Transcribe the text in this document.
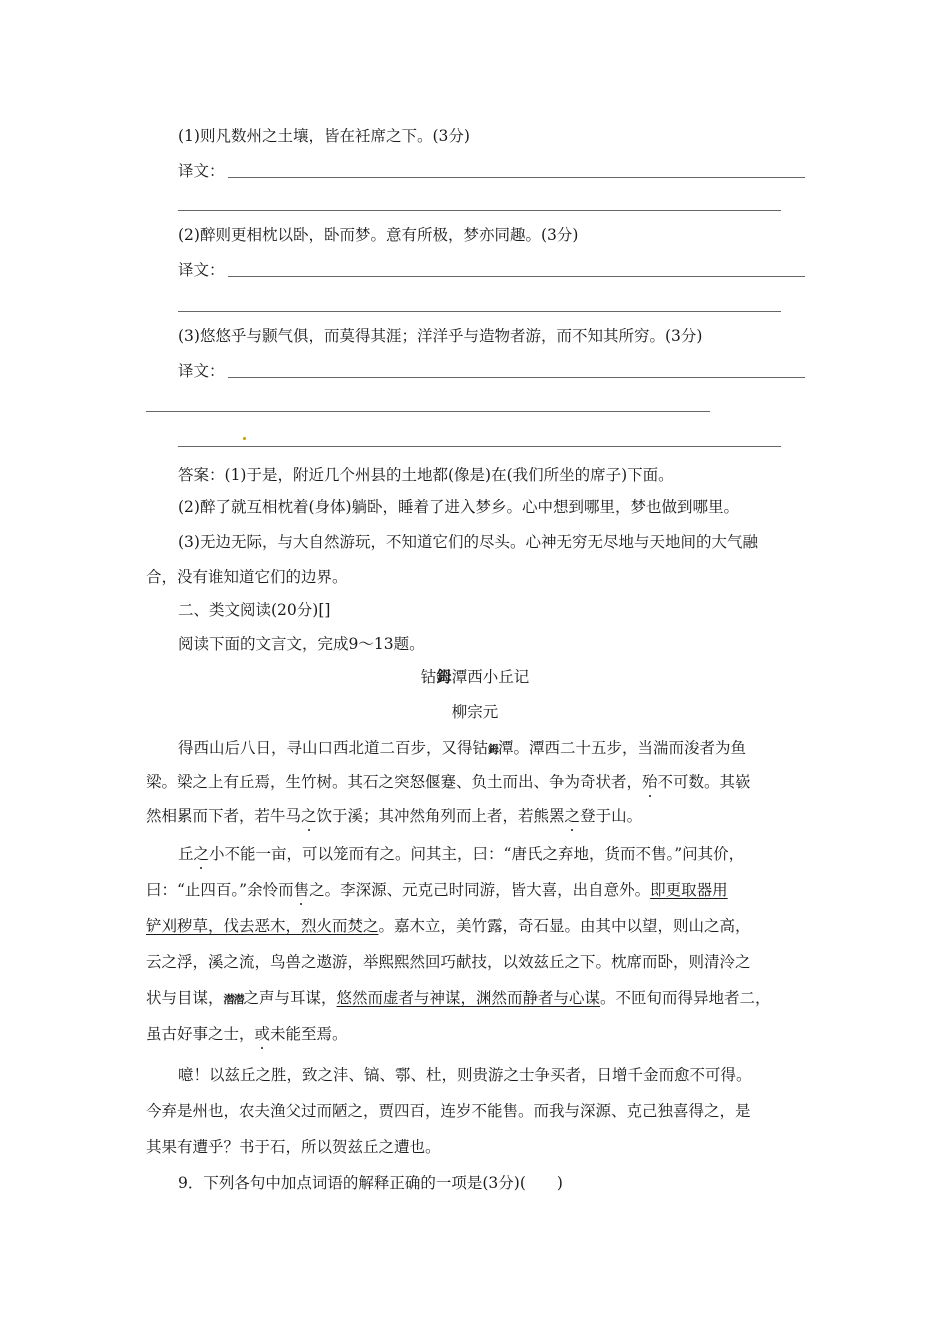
(1)则凡数州之土壤，皆在衽席之下。(3分)
译文：
(2)醉则更相枕以卧，卧而梦。意有所极，梦亦同趣。(3分)
译文：
(3)悠悠乎与颢气俱，而莫得其涯；洋洋乎与造物者游，而不知其所穷。(3分)
译文：
答案：(1)于是，附近几个州县的土地都(像是)在(我们所坐的席子)下面。
(2)醉了就互相枕着(身体)躺卧，睡着了进入梦乡。心中想到哪里，梦也做到哪里。
(3)无边无际，与大自然游玩，不知道它们的尽头。心神无穷无尽地与天地间的大气融
合，没有谁知道它们的边界。
二、类文阅读(20分)[]
阅读下面的文言文，完成9～13题。
钴鉧潭西小丘记
柳宗元
得西山后八日，寻山口西北道二百步，又得钴鉧潭。潭西二十五步，当湍而浚者为鱼
梁。梁之上有丘焉，生竹树。其石之突怒偃蹇、负土而出、争为奇状者，殆不可数。其嵚
然相累而下者，若牛马之饮于溪；其冲然角列而上者，若熊罴之登于山。
丘之小不能一亩，可以笼而有之。问其主，曰：“唐氏之弃地，货而不售。”问其价，
曰：“止四百。”余怜而售之。李深源、元克己时同游，皆大喜，出自意外。即更取器用
铲刈秽草，伐去恶木，烈火而焚之。嘉木立，美竹露，奇石显。由其中以望，则山之高，
云之浮，溪之流，鸟兽之遨游，举熙熙然回巧献技，以效兹丘之下。枕席而卧，则清泠之
状与目谋，潜潜之声与耳谋，悠然而虚者与神谋，渊然而静者与心谋。不匝旬而得异地者二，
虽古好事之士，或未能至焉。
噫！以兹丘之胜，致之沣、镐、鄠、杜，则贵游之士争买者，日增千金而愈不可得。
今弃是州也，农夫渔父过而陋之，贾四百，连岁不能售。而我与深源、克己独喜得之，是
其果有遭乎？书于石，所以贺兹丘之遭也。
9．下列各句中加点词语的解释正确的一项是(3分)(　　)
